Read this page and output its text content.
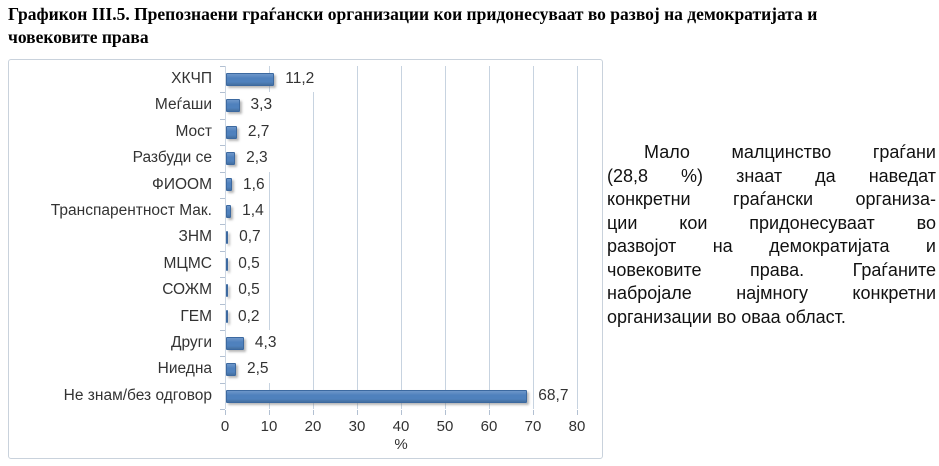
Графикон III.5. Препознаени граѓански организации кои придонесуваат во развој на демократијата и
човековите права
0	10	20	30	40	50	60	70	80
ХКЧП	11,2
Меѓаши 3,3
Мост 2,7
Разбуди се 2,3
ФИООМ 1,6
Транспарентност Мак. 1,4
ЗНМ 0,7
МЦМС 0,5
СОЖМ 0,5
ГЕМ 0,2
Други	4,3
Ниедна 2,5
Не знам/без одговор	68,7
%
Мало малцинство граѓани
(28,8 %) знаат да наведат
конкретни граѓански организа-
ции кои придонесуваат во
развојот на демократијата и
човековите права. Граѓаните
набројале најмногу конкретни
организации во оваа област.
